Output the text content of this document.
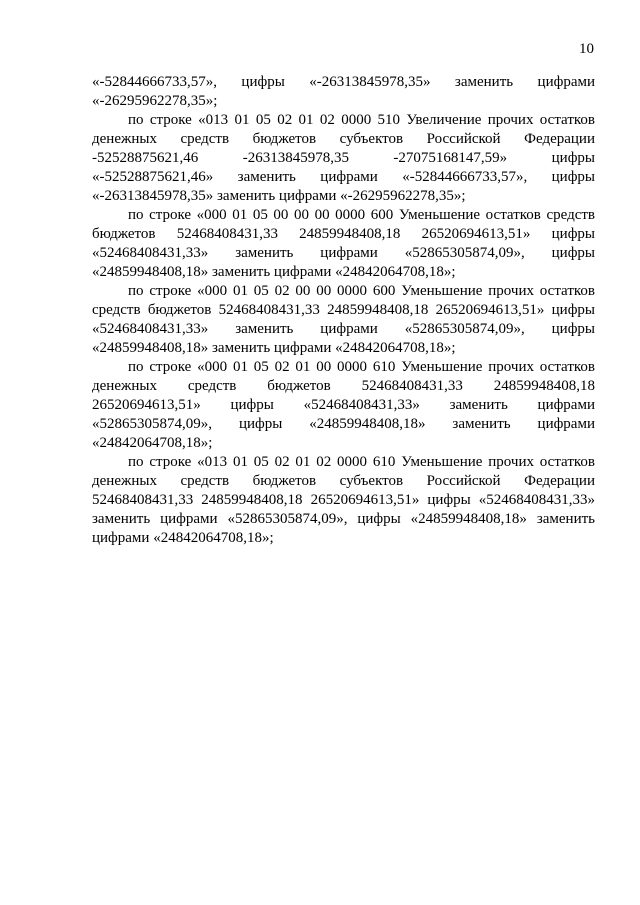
10

«-52844666733,57», цифры «-26313845978,35» заменить цифрами «-26295962278,35»;

по строке «013 01 05 02 01 02 0000 510 Увеличение прочих остатков денежных средств бюджетов субъектов Российской Федерации -52528875621,46 -26313845978,35 -27075168147,59» цифры «-52528875621,46» заменить цифрами «-52844666733,57», цифры «-26313845978,35» заменить цифрами «-26295962278,35»;

по строке «000 01 05 00 00 00 0000 600 Уменьшение остатков средств бюджетов 52468408431,33 24859948408,18 26520694613,51» цифры «52468408431,33» заменить цифрами «52865305874,09», цифры «24859948408,18» заменить цифрами «24842064708,18»;

по строке «000 01 05 02 00 00 0000 600 Уменьшение прочих остатков средств бюджетов 52468408431,33 24859948408,18 26520694613,51» цифры «52468408431,33» заменить цифрами «52865305874,09», цифры «24859948408,18» заменить цифрами «24842064708,18»;

по строке «000 01 05 02 01 00 0000 610 Уменьшение прочих остатков денежных средств бюджетов 52468408431,33 24859948408,18 26520694613,51» цифры «52468408431,33» заменить цифрами «52865305874,09», цифры «24859948408,18» заменить цифрами «24842064708,18»;

по строке «013 01 05 02 01 02 0000 610 Уменьшение прочих остатков денежных средств бюджетов субъектов Российской Федерации 52468408431,33 24859948408,18 26520694613,51» цифры «52468408431,33» заменить цифрами «52865305874,09», цифры «24859948408,18» заменить цифрами «24842064708,18»;
